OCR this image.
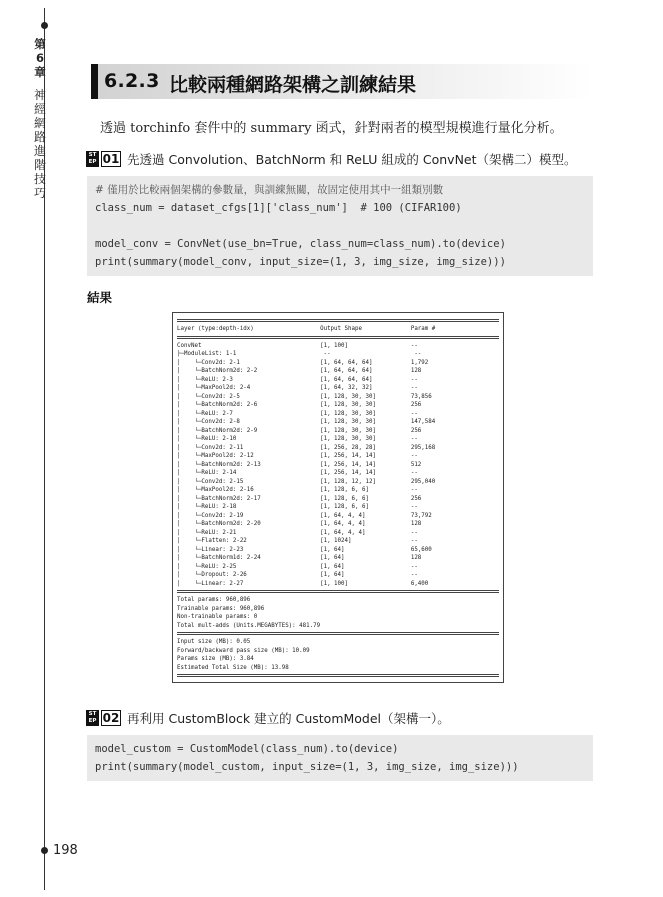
第6章
神經網路進階技巧
198
6.2.3 比較兩種網路架構之訓練結果
透過 torchinfo 套件中的 summary 函式，針對兩者的模型規模進行量化分析。
ST
EP 01 先透過 Convolution、BatchNorm 和 ReLU 組成的 ConvNet（架構二）模型。
# 僅用於比較兩個架構的參數量，與訓練無關，故固定使用其中一組類別數
class_num = dataset_cfgs[1]['class_num']  # 100 (CIFAR100)
model_conv = ConvNet(use_bn=True, class_num=class_num).to(device)
print(summary(model_conv, input_size=(1, 3, img_size, img_size)))
結果
Layer (type:depth-idx)                   Output Shape              Param #
ConvNet                                  [1, 100]                  --
├─ModuleList: 1-1                         --                        --
│    └─Conv2d: 2-1                       [1, 64, 64, 64]           1,792
│    └─BatchNorm2d: 2-2                  [1, 64, 64, 64]           128
│    └─ReLU: 2-3                         [1, 64, 64, 64]           --
│    └─MaxPool2d: 2-4                    [1, 64, 32, 32]           --
│    └─Conv2d: 2-5                       [1, 128, 30, 30]          73,856
│    └─BatchNorm2d: 2-6                  [1, 128, 30, 30]          256
│    └─ReLU: 2-7                         [1, 128, 30, 30]          --
│    └─Conv2d: 2-8                       [1, 128, 30, 30]          147,584
│    └─BatchNorm2d: 2-9                  [1, 128, 30, 30]          256
│    └─ReLU: 2-10                        [1, 128, 30, 30]          --
│    └─Conv2d: 2-11                      [1, 256, 28, 28]          295,168
│    └─MaxPool2d: 2-12                   [1, 256, 14, 14]          --
│    └─BatchNorm2d: 2-13                 [1, 256, 14, 14]          512
│    └─ReLU: 2-14                        [1, 256, 14, 14]          --
│    └─Conv2d: 2-15                      [1, 128, 12, 12]          295,040
│    └─MaxPool2d: 2-16                   [1, 128, 6, 6]            --
│    └─BatchNorm2d: 2-17                 [1, 128, 6, 6]            256
│    └─ReLU: 2-18                        [1, 128, 6, 6]            --
│    └─Conv2d: 2-19                      [1, 64, 4, 4]             73,792
│    └─BatchNorm2d: 2-20                 [1, 64, 4, 4]             128
│    └─ReLU: 2-21                        [1, 64, 4, 4]             --
│    └─Flatten: 2-22                     [1, 1024]                 --
│    └─Linear: 2-23                      [1, 64]                   65,600
│    └─BatchNorm1d: 2-24                 [1, 64]                   128
│    └─ReLU: 2-25                        [1, 64]                   --
│    └─Dropout: 2-26                     [1, 64]                   --
│    └─Linear: 2-27                      [1, 100]                  6,400
Total params: 960,896
Trainable params: 960,896
Non-trainable params: 0
Total mult-adds (Units.MEGABYTES): 481.79
Input size (MB): 0.05
Forward/backward pass size (MB): 10.09
Params size (MB): 3.84
Estimated Total Size (MB): 13.98
ST
EP 02 再利用 CustomBlock 建立的 CustomModel（架構一）。
model_custom = CustomModel(class_num).to(device)
print(summary(model_custom, input_size=(1, 3, img_size, img_size)))
